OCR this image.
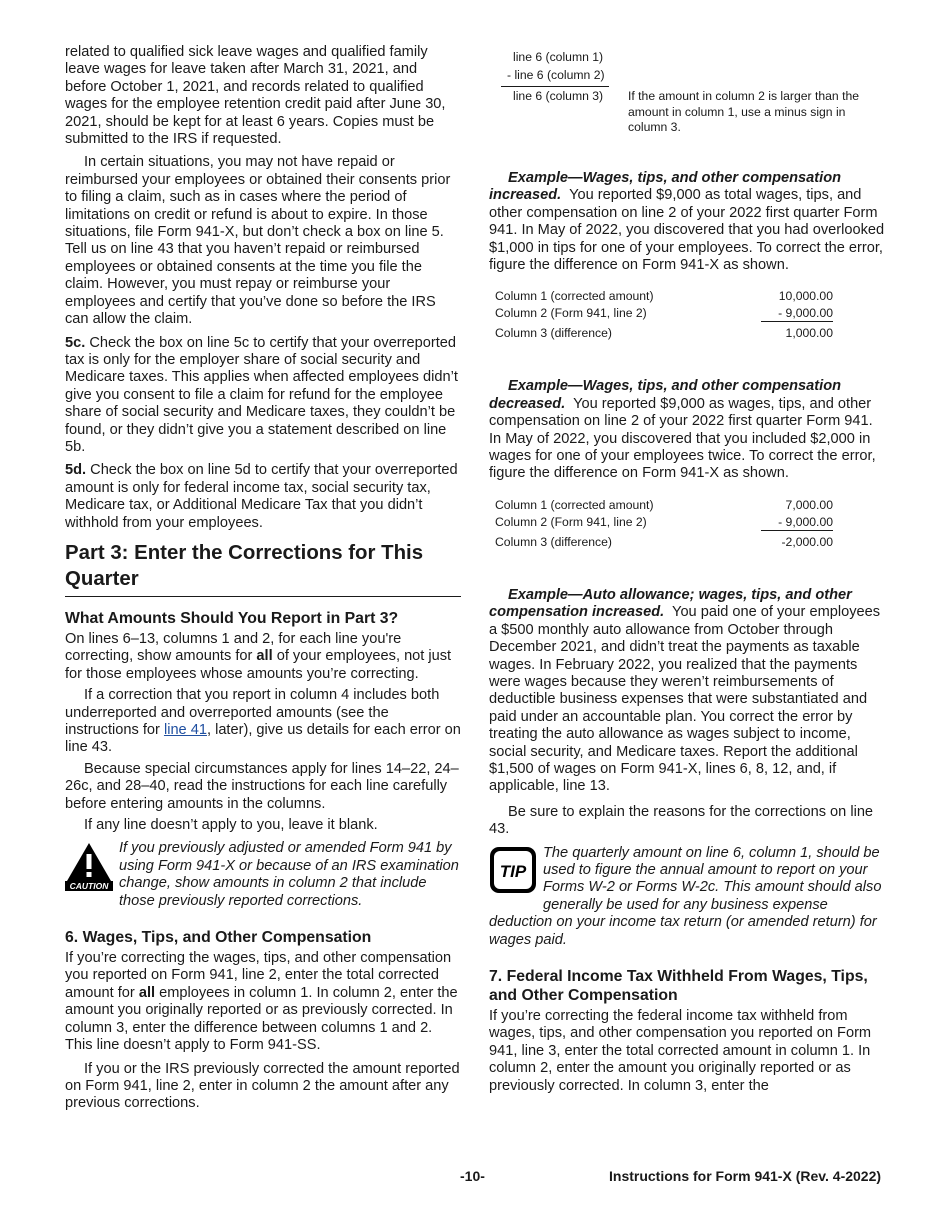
related to qualified sick leave wages and qualified family leave wages for leave taken after March 31, 2021, and before October 1, 2021, and records related to qualified wages for the employee retention credit paid after June 30, 2021, should be kept for at least 6 years. Copies must be submitted to the IRS if requested.

In certain situations, you may not have repaid or reimbursed your employees or obtained their consents prior to filing a claim, such as in cases where the period of limitations on credit or refund is about to expire. In those situations, file Form 941-X, but don’t check a box on line 5. Tell us on line 43 that you haven’t repaid or reimbursed employees or obtained consents at the time you file the claim. However, you must repay or reimburse your employees and certify that you’ve done so before the IRS can allow the claim.

5c. Check the box on line 5c to certify that your overreported tax is only for the employer share of social security and Medicare taxes. This applies when affected employees didn’t give you consent to file a claim for refund for the employee share of social security and Medicare taxes, they couldn’t be found, or they didn’t give you a statement described on line 5b.

5d. Check the box on line 5d to certify that your overreported amount is only for federal income tax, social security tax, Medicare tax, or Additional Medicare Tax that you didn’t withhold from your employees.

Part 3: Enter the Corrections for This Quarter
What Amounts Should You Report in Part 3?

On lines 6–13, columns 1 and 2, for each line you're correcting, show amounts for all of your employees, not just for those employees whose amounts you’re correcting.

If a correction that you report in column 4 includes both underreported and overreported amounts (see the instructions for line 41, later), give us details for each error on line 43.

Because special circumstances apply for lines 14–22, 24–26c, and 28–40, read the instructions for each line carefully before entering amounts in the columns.

If any line doesn’t apply to you, leave it blank.

CAUTION
If you previously adjusted or amended Form 941 by using Form 941-X or because of an IRS examination change, show amounts in column 2 that include those previously reported corrections.
6. Wages, Tips, and Other Compensation

If you’re correcting the wages, tips, and other compensation you reported on Form 941, line 2, enter the total corrected amount for all employees in column 1. In column 2, enter the amount you originally reported or as previously corrected. In column 3, enter the difference between columns 1 and 2. This line doesn’t apply to Form 941-SS.

If you or the IRS previously corrected the amount reported on Form 941, line 2, enter in column 2 the amount after any previous corrections.

line 6 (column 1)
- line 6 (column 2)
line 6 (column 3) If the amount in column 2 is larger than the amount in column 1, use a minus sign in column 3.

Example—Wages, tips, and other compensation increased. You reported $9,000 as total wages, tips, and other compensation on line 2 of your 2022 first quarter Form 941. In May of 2022, you discovered that you had overlooked $1,000 in tips for one of your employees. To correct the error, figure the difference on Form 941-X as shown.

Column 1 (corrected amount)	10,000.00
Column 2 (Form 941, line 2)	- 9,000.00
Column 3 (difference)	1,000.00

Example—Wages, tips, and other compensation decreased. You reported $9,000 as wages, tips, and other compensation on line 2 of your 2022 first quarter Form 941. In May of 2022, you discovered that you included $2,000 in wages for one of your employees twice. To correct the error, figure the difference on Form 941-X as shown.

Column 1 (corrected amount)	7,000.00
Column 2 (Form 941, line 2)	- 9,000.00
Column 3 (difference)	-2,000.00

Example—Auto allowance; wages, tips, and other compensation increased. You paid one of your employees a $500 monthly auto allowance from October through December 2021, and didn’t treat the payments as taxable wages. In February 2022, you realized that the payments were wages because they weren’t reimbursements of deductible business expenses that were substantiated and paid under an accountable plan. You correct the error by treating the auto allowance as wages subject to income, social security, and Medicare taxes. Report the additional $1,500 of wages on Form 941-X, lines 6, 8, 12, and, if applicable, line 13.

Be sure to explain the reasons for the corrections on line 43.

TIP
The quarterly amount on line 6, column 1, should be used to figure the annual amount to report on your Forms W-2 or Forms W-2c. This amount should also generally be used for any business expense deduction on your income tax return (or amended return) for wages paid.
7. Federal Income Tax Withheld From Wages, Tips, and Other Compensation

If you’re correcting the federal income tax withheld from wages, tips, and other compensation you reported on Form 941, line 3, enter the total corrected amount in column 1. In column 2, enter the amount you originally reported or as previously corrected. In column 3, enter the

-10-	Instructions for Form 941-X (Rev. 4-2022)
